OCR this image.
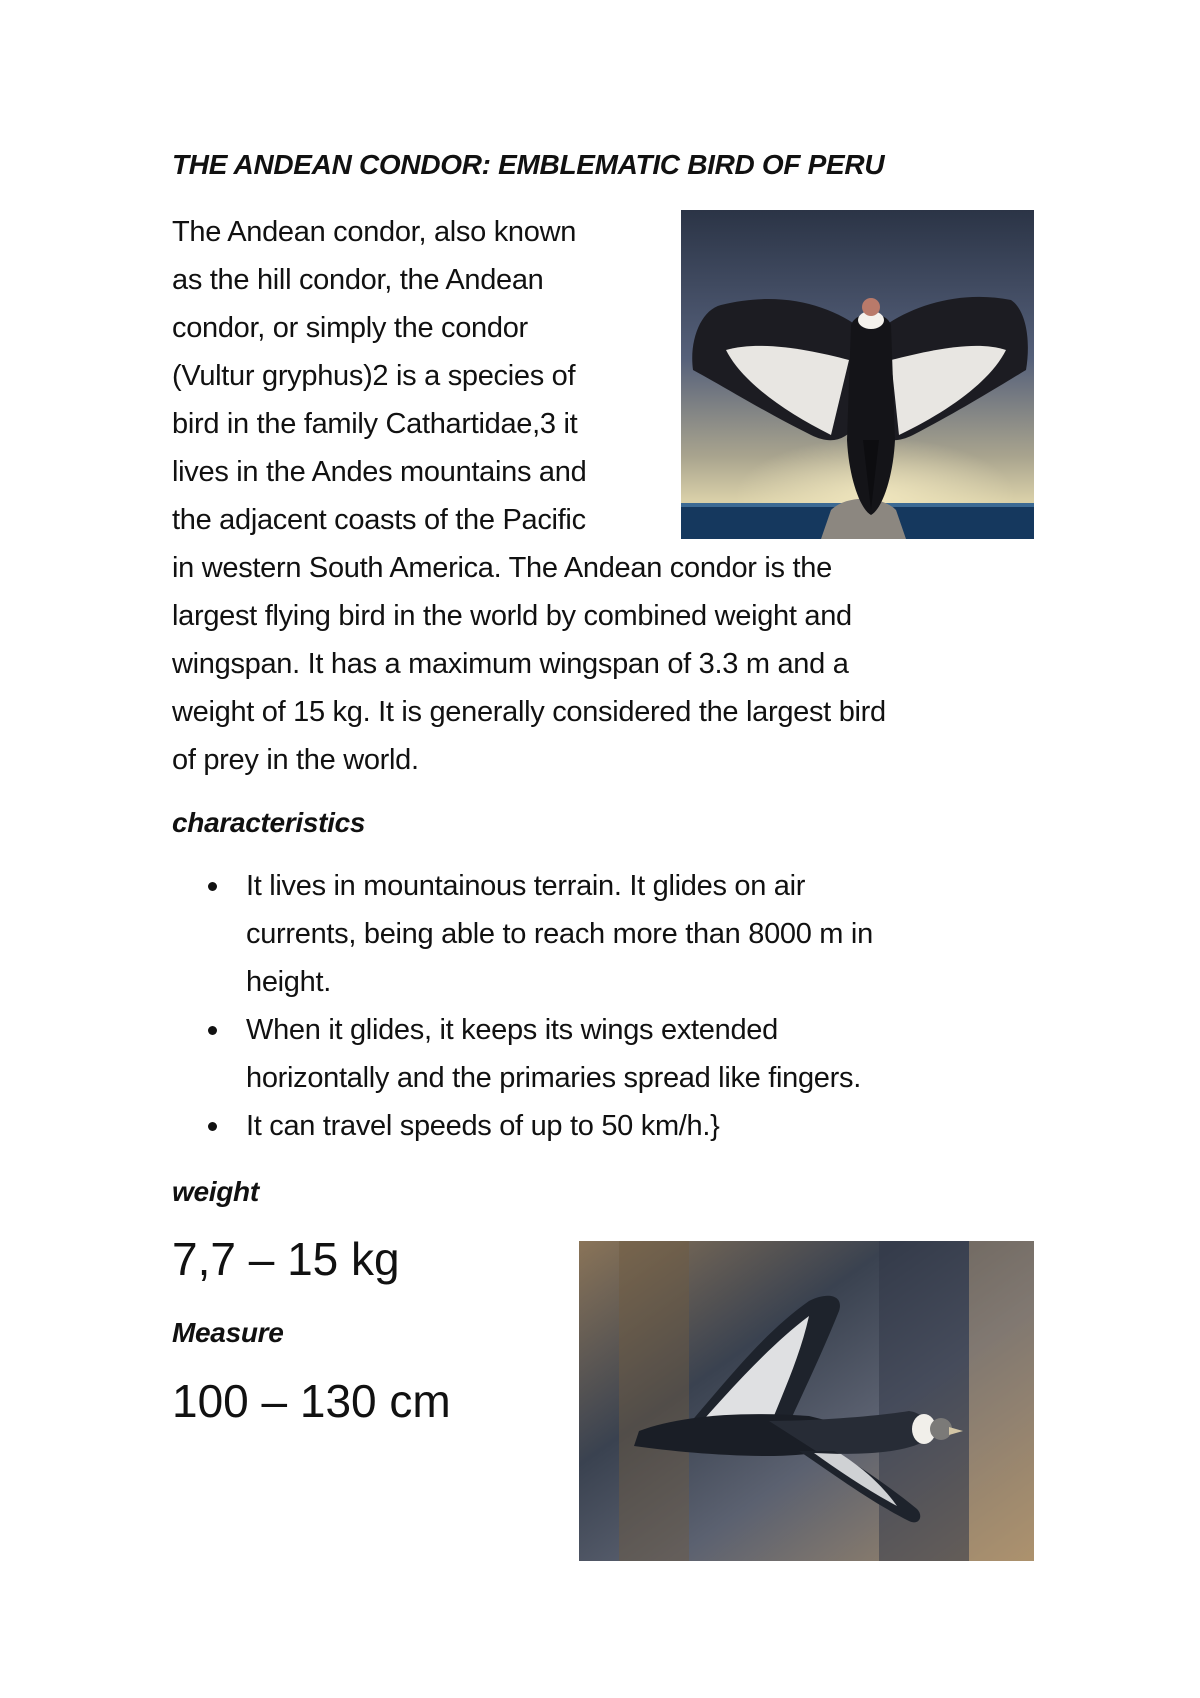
THE ANDEAN CONDOR: EMBLEMATIC BIRD OF PERU
The Andean condor, also known
as the hill condor, the Andean
condor, or simply the condor
(Vultur gryphus)2 is a species of
bird in the family Cathartidae,3 it
lives in the Andes mountains and
the adjacent coasts of the Pacific
in western South America. The Andean condor is the
largest flying bird in the world by combined weight and
wingspan. It has a maximum wingspan of 3.3 m and a
weight of 15 kg. It is generally considered the largest bird
of prey in the world.
characteristics
It lives in mountainous terrain. It glides on air
currents, being able to reach more than 8000 m in
height.
When it glides, it keeps its wings extended
horizontally and the primaries spread like fingers.
It can travel speeds of up to 50 km/h.}
weight
7,7 – 15 kg
Measure
100 – 130 cm
